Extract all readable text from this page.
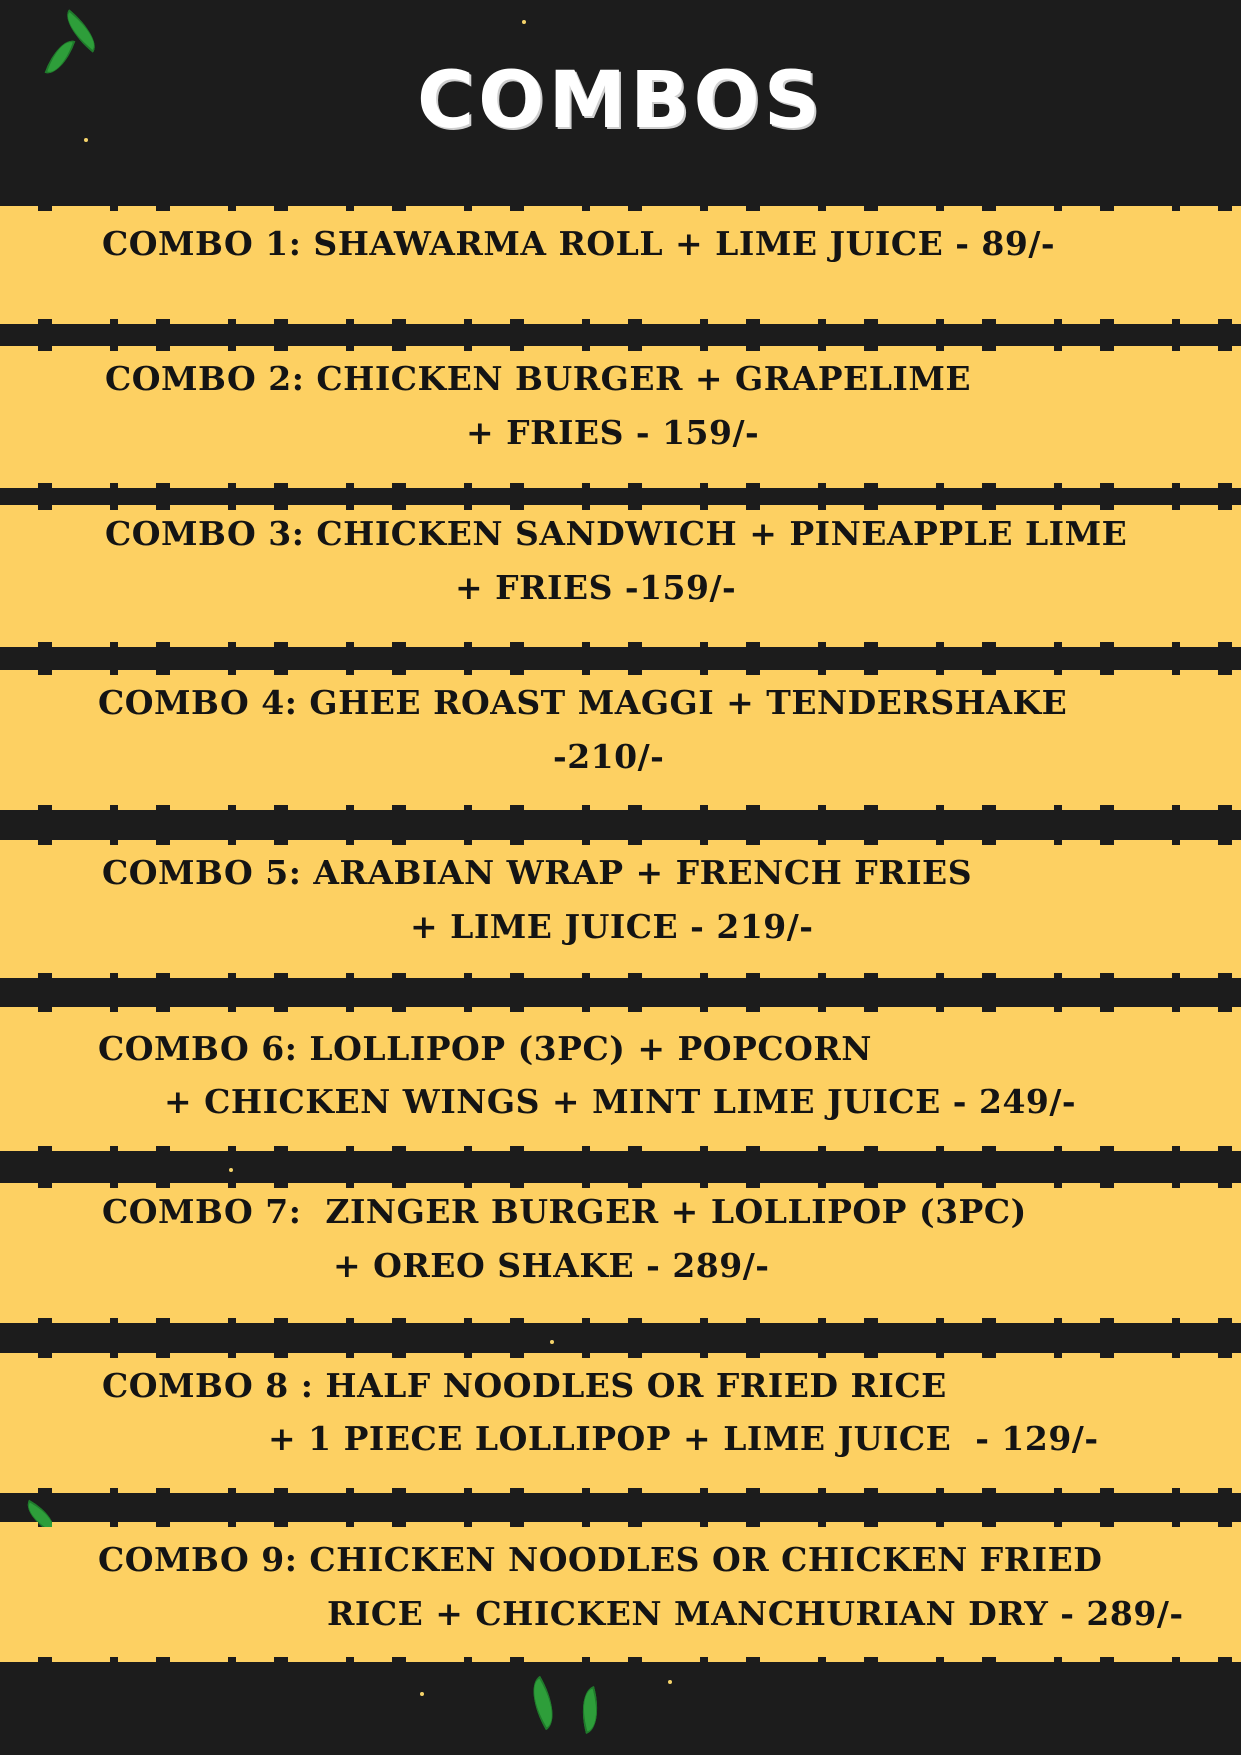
COMBOS
COMBO 1: SHAWARMA ROLL + LIME JUICE - 89/-
COMBO 2: CHICKEN BURGER + GRAPELIME
+ FRIES - 159/-
COMBO 3: CHICKEN SANDWICH + PINEAPPLE LIME
+ FRIES -159/-
COMBO 4: GHEE ROAST MAGGI + TENDERSHAKE
-210/-
COMBO 5: ARABIAN WRAP + FRENCH FRIES
+ LIME JUICE - 219/-
COMBO 6: LOLLIPOP (3PC) + POPCORN
+ CHICKEN WINGS + MINT LIME JUICE - 249/-
COMBO 7:  ZINGER BURGER + LOLLIPOP (3PC)
+ OREO SHAKE - 289/-
COMBO 8 : HALF NOODLES OR FRIED RICE
+ 1 PIECE LOLLIPOP + LIME JUICE  - 129/-
COMBO 9: CHICKEN NOODLES OR CHICKEN FRIED
RICE + CHICKEN MANCHURIAN DRY - 289/-
